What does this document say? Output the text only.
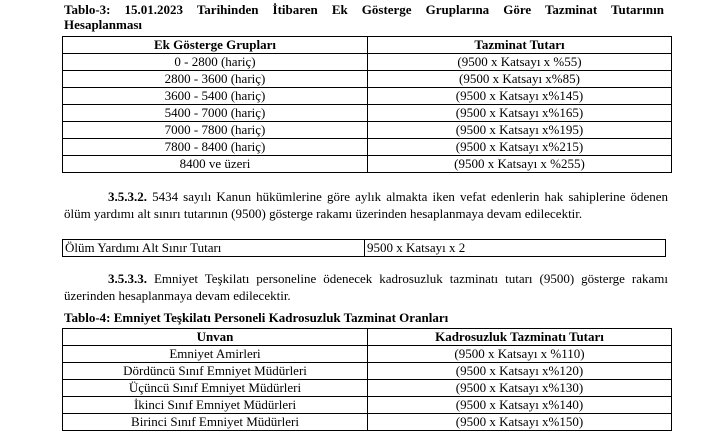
Tablo-3: 15.01.2023 Tarihinden İtibaren Ek Gösterge Gruplarına Göre Tazminat Tutarının
Hesaplanması
Ek Gösterge Grupları	Tazminat Tutarı
0 - 2800 (hariç)	(9500 x Katsayı x %55)
2800 - 3600 (hariç)	(9500 x Katsayı x%85)
3600 - 5400 (hariç)	(9500 x Katsayı x%145)
5400 - 7000 (hariç)	(9500 x Katsayı x%165)
7000 - 7800 (hariç)	(9500 x Katsayı x%195)
7800 - 8400 (hariç)	(9500 x Katsayı x%215)
8400 ve üzeri	(9500 x Katsayı x %255)
3.5.3.2. 5434 sayılı Kanun hükümlerine göre aylık almakta iken vefat edenlerin hak sahiplerine ödenen ölüm yardımı alt sınırı tutarının (9500) gösterge rakamı üzerinden hesaplanmaya devam edilecektir.
Ölüm Yardımı Alt Sınır Tutarı	9500 x Katsayı x 2
3.5.3.3. Emniyet Teşkilatı personeline ödenecek kadrosuzluk tazminatı tutarı (9500) gösterge rakamı üzerinden hesaplanmaya devam edilecektir.
Tablo-4: Emniyet Teşkilatı Personeli Kadrosuzluk Tazminat Oranları
Unvan	Kadrosuzluk Tazminatı Tutarı
Emniyet Amirleri	(9500 x Katsayı x %110)
Dördüncü Sınıf Emniyet Müdürleri	(9500 x Katsayı x%120)
Üçüncü Sınıf Emniyet Müdürleri	(9500 x Katsayı x%130)
İkinci Sınıf Emniyet Müdürleri	(9500 x Katsayı x%140)
Birinci Sınıf Emniyet Müdürleri	(9500 x Katsayı x%150)
